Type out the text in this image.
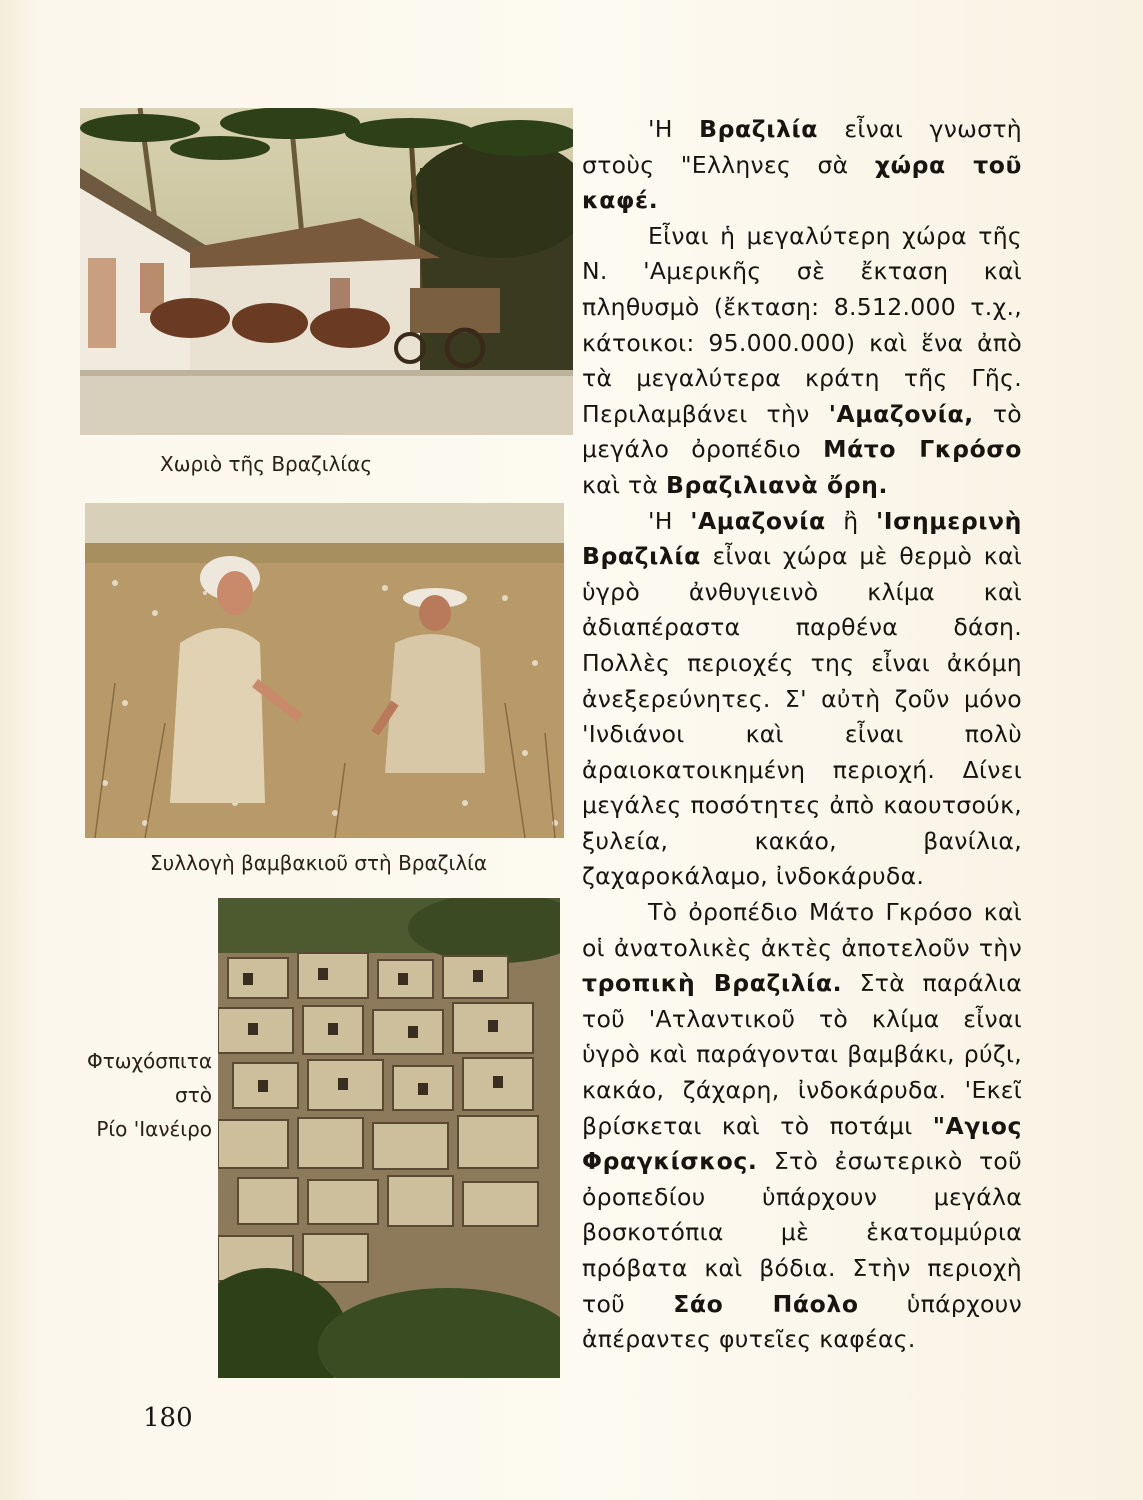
Χωριὸ τῆς Βραζιλίας
Συλλογὴ βαμβακιοῦ στὴ Βραζιλία
Φτωχόσπιτα
στὸ
Ρίο 'Ιανέιρο

'Η Βραζιλία εἶναι γνωστὴ στοὺς "Ελληνες σὰ χώρα τοῦ καφέ.

Εἶναι ἡ μεγαλύτερη χώρα τῆς Ν. 'Αμερικῆς σὲ ἔκταση καὶ πληθυσμὸ (ἔκταση: 8.512.000 τ.χ., κάτοικοι: 95.000.000) καὶ ἕνα ἀπὸ τὰ μεγαλύτερα κράτη τῆς Γῆς. Περιλαμβάνει τὴν 'Αμαζονία, τὸ μεγάλο ὀροπέδιο Μάτο Γκρόσο καὶ τὰ Βραζιλιανὰ ὄρη.

'Η 'Αμαζονία ἢ 'Ισημερινὴ Βραζιλία εἶναι χώρα μὲ θερμὸ καὶ ὑγρὸ ἀνθυγιεινὸ κλίμα καὶ ἀδιαπέραστα παρθένα δάση. Πολλὲς περιοχές της εἶναι ἀκόμη ἀνεξερεύνητες. Σ' αὐτὴ ζοῦν μόνο 'Ινδιάνοι καὶ εἶναι πολὺ ἀραιοκατοικημένη περιοχή. Δίνει μεγάλες ποσότητες ἀπὸ καουτσούκ, ξυλεία, κακάο, βανίλια, ζαχαροκάλαμο, ἰνδοκάρυδα.

Τὸ ὀροπέδιο Μάτο Γκρόσο καὶ οἱ ἀνατολικὲς ἀκτὲς ἀποτελοῦν τὴν τροπικὴ Βραζιλία. Στὰ παράλια τοῦ 'Ατλαντικοῦ τὸ κλίμα εἶναι ὑγρὸ καὶ παράγονται βαμβάκι, ρύζι, κακάο, ζάχαρη, ἰνδοκάρυδα. 'Εκεῖ βρίσκεται καὶ τὸ ποτάμι "Αγιος Φραγκίσκος. Στὸ ἐσωτερικὸ τοῦ ὀροπεδίου ὑπάρχουν μεγάλα βοσκοτόπια μὲ ἑκατομμύρια πρόβατα καὶ βόδια. Στὴν περιοχὴ τοῦ Σάο Πάολο ὑπάρχουν ἀπέραντες φυτεῖες καφέας.

180
